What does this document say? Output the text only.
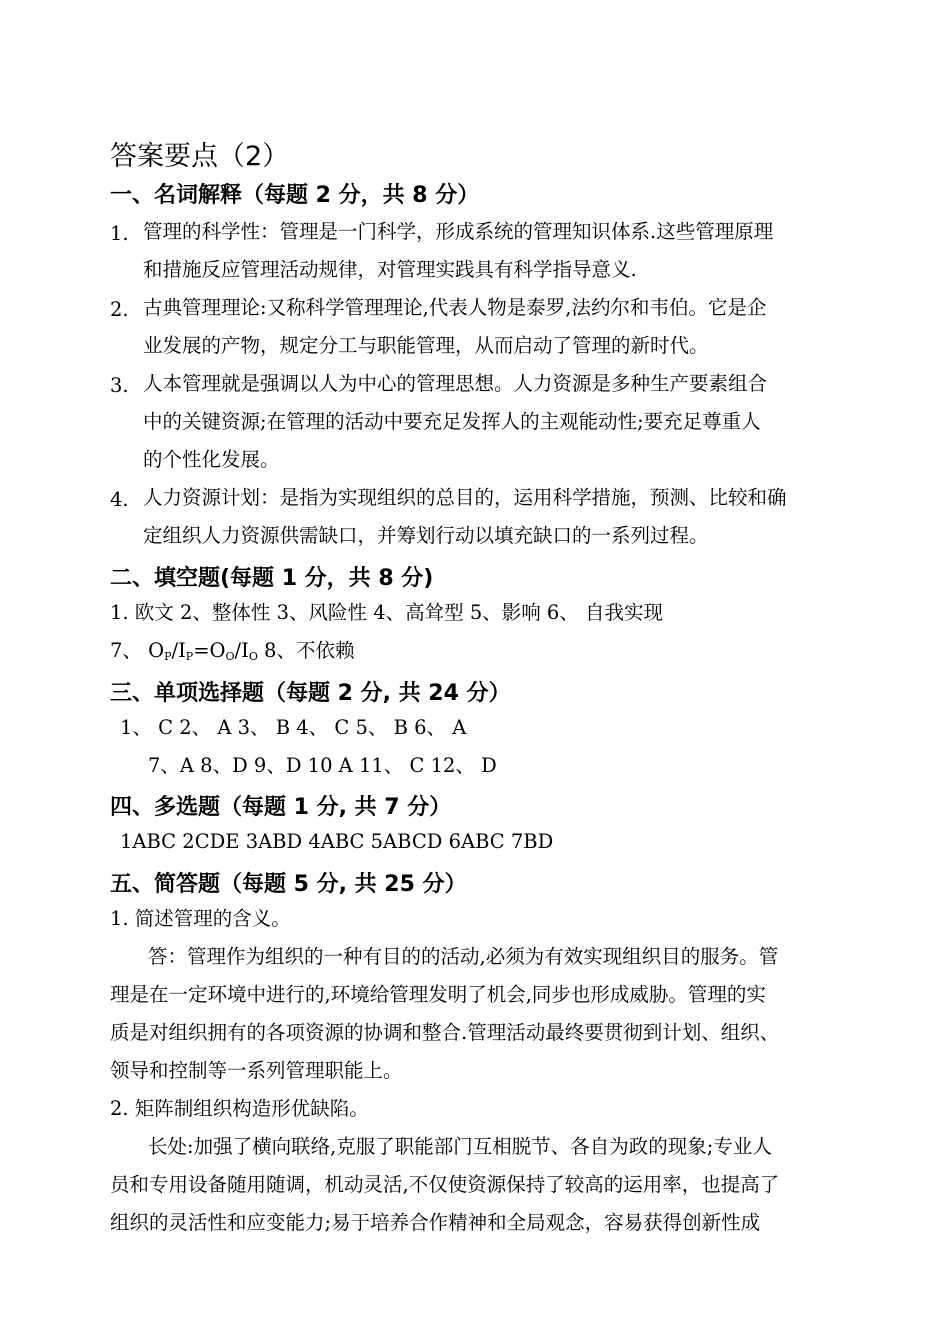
答案要点（2）
一、名词解释（每题 2 分，共 8 分）
1. 管理的科学性：管理是一门科学，形成系统的管理知识体系.这些管理原理
和措施反应管理活动规律，对管理实践具有科学指导意义.
2. 古典管理理论:又称科学管理理论,代表人物是泰罗,法约尔和韦伯。它是企
业发展的产物，规定分工与职能管理，从而启动了管理的新时代。
3. 人本管理就是强调以人为中心的管理思想。人力资源是多种生产要素组合
中的关键资源;在管理的活动中要充足发挥人的主观能动性;要充足尊重人
的个性化发展。
4. 人力资源计划：是指为实现组织的总目的，运用科学措施，预测、比较和确
定组织人力资源供需缺口，并筹划行动以填充缺口的一系列过程。
二、填空题(每题 1 分，共 8 分)
1. 欧文 2、整体性 3、风险性 4、高耸型 5、影响 6、 自我实现
7、 $O_P/I_P=O_O/I_O$ 8、不依赖
三、单项选择题（每题 2 分, 共 24 分）
1、 C 2、 A 3、 B 4、 C 5、 B 6、 A
7、A 8、D 9、D 10 A 11、 C 12、 D
四、多选题（每题 1 分, 共 7 分）
1ABC 2CDE 3ABD 4ABC 5ABCD 6ABC 7BD
五、简答题（每题 5 分, 共 25 分）
1. 简述管理的含义。
答：管理作为组织的一种有目的的活动,必须为有效实现组织目的服务。管
理是在一定环境中进行的,环境给管理发明了机会,同步也形成威胁。管理的实
质是对组织拥有的各项资源的协调和整合.管理活动最终要贯彻到计划、组织、
领导和控制等一系列管理职能上。
2. 矩阵制组织构造形优缺陷。
长处:加强了横向联络,克服了职能部门互相脱节、各自为政的现象;专业人
员和专用设备随用随调，机动灵活,不仅使资源保持了较高的运用率，也提高了
组织的灵活性和应变能力;易于培养合作精神和全局观念，容易获得创新性成
